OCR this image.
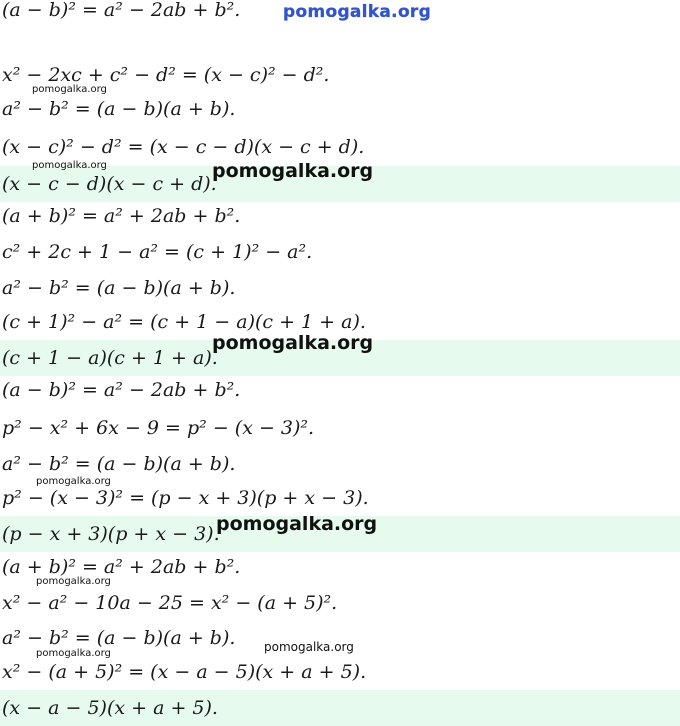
(a − b)² = a² − 2ab + b².
x² − 2xc + c² − d² = (x − c)² − d².
a² − b² = (a − b)(a + b).
(x − c)² − d² = (x − c − d)(x − c + d).
(x − c − d)(x − c + d).
(a + b)² = a² + 2ab + b².
c² + 2c + 1 − a² = (c + 1)² − a².
a² − b² = (a − b)(a + b).
(c + 1)² − a² = (c + 1 − a)(c + 1 + a).
(c + 1 − a)(c + 1 + a).
(a − b)² = a² − 2ab + b².
p² − x² + 6x − 9 = p² − (x − 3)².
a² − b² = (a − b)(a + b).
p² − (x − 3)² = (p − x + 3)(p + x − 3).
(p − x + 3)(p + x − 3).
(a + b)² = a² + 2ab + b².
x² − a² − 10a − 25 = x² − (a + 5)².
a² − b² = (a − b)(a + b).
x² − (a + 5)² = (x − a − 5)(x + a + 5).
(x − a − 5)(x + a + 5).
pomogalka.org
pomogalka.org
pomogalka.org	pomogalka.org
pomogalka.org
pomogalka.org
pomogalka.org
pomogalka.org
pomogalka.org
pomogalka.org
